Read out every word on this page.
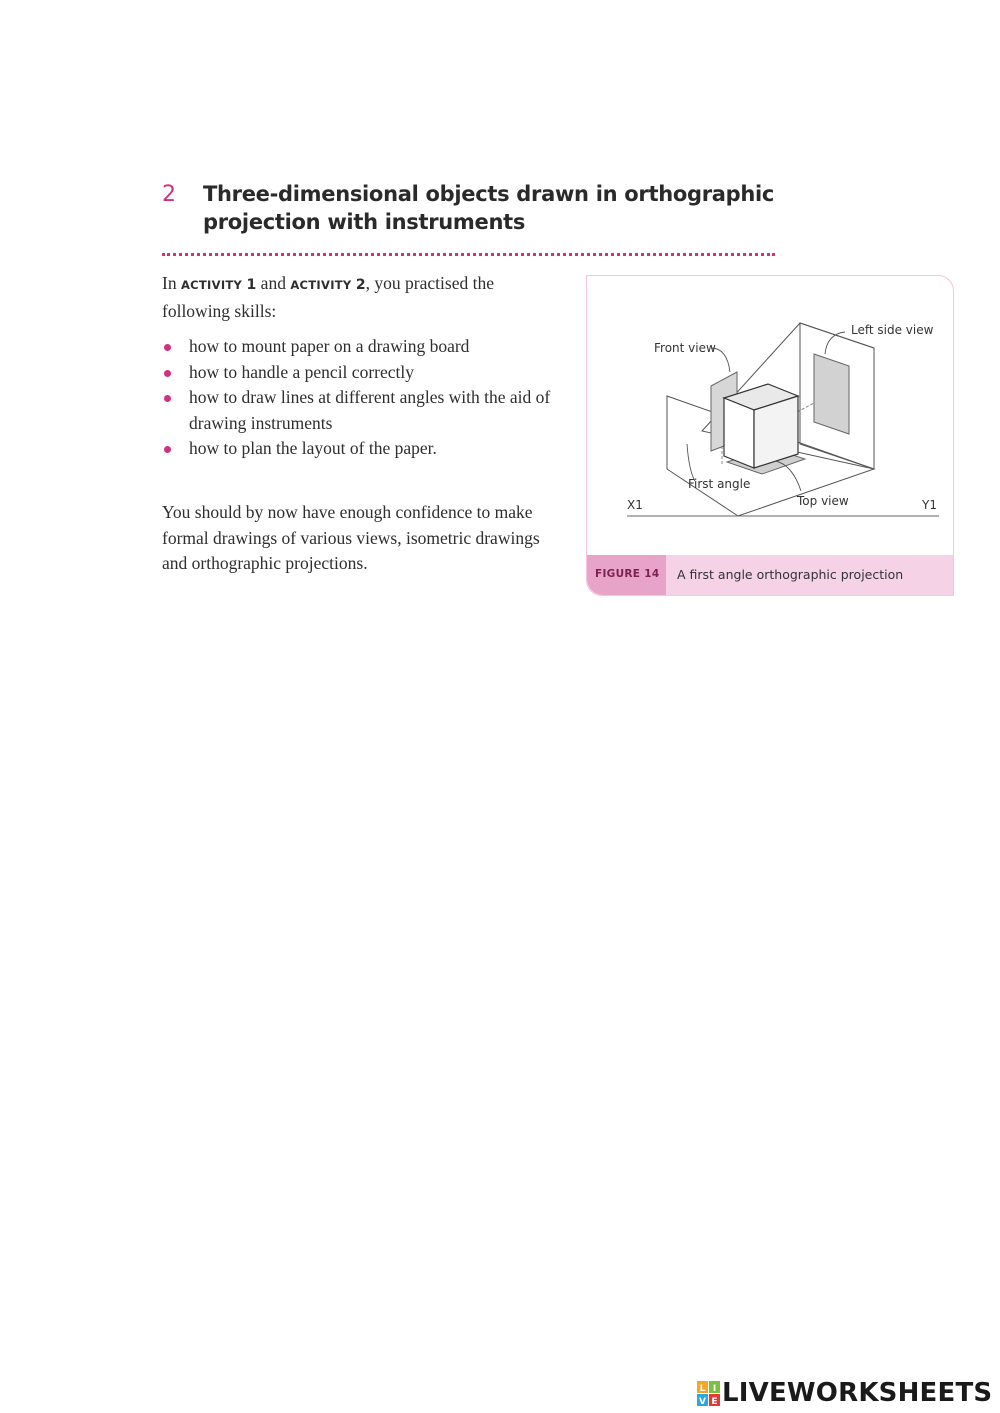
2 Three-dimensional objects drawn in orthographic projection with instruments

In ACTIVITY 1 and ACTIVITY 2, you practised the following skills:

how to mount paper on a drawing board
how to handle a pencil correctly
how to draw lines at different angles with the aid of drawing instruments
how to plan the layout of the paper.

You should by now have enough confidence to make formal drawings of various views, isometric drawings and orthographic projections.

Front view
Left side view
First angle
Top view
X1	Y1
FIGURE 14 A first angle orthographic projection
L I
V E LIVEWORKSHEETS
